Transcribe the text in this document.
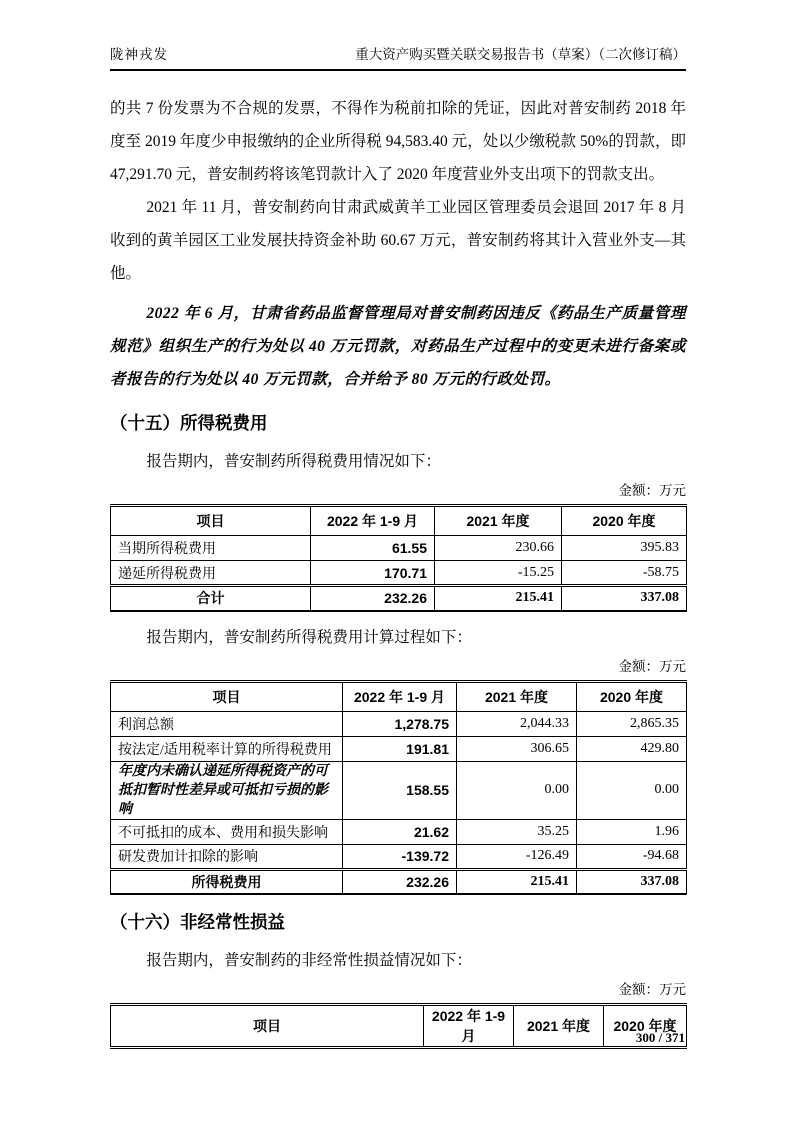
陇神戎发	重大资产购买暨关联交易报告书（草案）（二次修订稿）

的共 7 份发票为不合规的发票，不得作为税前扣除的凭证，因此对普安制药 2018 年度至 2019 年度少申报缴纳的企业所得税 94,583.40 元，处以少缴税款 50%的罚款，即 47,291.70 元，普安制药将该笔罚款计入了 2020 年度营业外支出项下的罚款支出。

2021 年 11 月，普安制药向甘肃武威黄羊工业园区管理委员会退回 2017 年 8 月收到的黄羊园区工业发展扶持资金补助 60.67 万元，普安制药将其计入营业外支—其他。

2022 年 6 月，甘肃省药品监督管理局对普安制药因违反《药品生产质量管理规范》组织生产的行为处以 40 万元罚款，对药品生产过程中的变更未进行备案或者报告的行为处以 40 万元罚款，合并给予 80 万元的行政处罚。

（十五）所得税费用

报告期内，普安制药所得税费用情况如下：

金额：万元
项目	2022 年 1-9 月	2021 年度	2020 年度
当期所得税费用	61.55	230.66	395.83
递延所得税费用	170.71	-15.25	-58.75
合计	232.26	215.41	337.08

报告期内，普安制药所得税费用计算过程如下：

金额：万元
项目	2022 年 1-9 月	2021 年度	2020 年度
利润总额	1,278.75	2,044.33	2,865.35
按法定/适用税率计算的所得税费用	191.81	306.65	429.80
年度内未确认递延所得税资产的可抵扣暂时性差异或可抵扣亏损的影响	158.55	0.00	0.00
不可抵扣的成本、费用和损失影响	21.62	35.25	1.96
研发费加计扣除的影响	-139.72	-126.49	-94.68
所得税费用	232.26	215.41	337.08
（十六）非经常性损益

报告期内，普安制药的非经常性损益情况如下：

金额：万元
项目	2022 年 1-9 月	2021 年度	2020 年度
300 / 371
